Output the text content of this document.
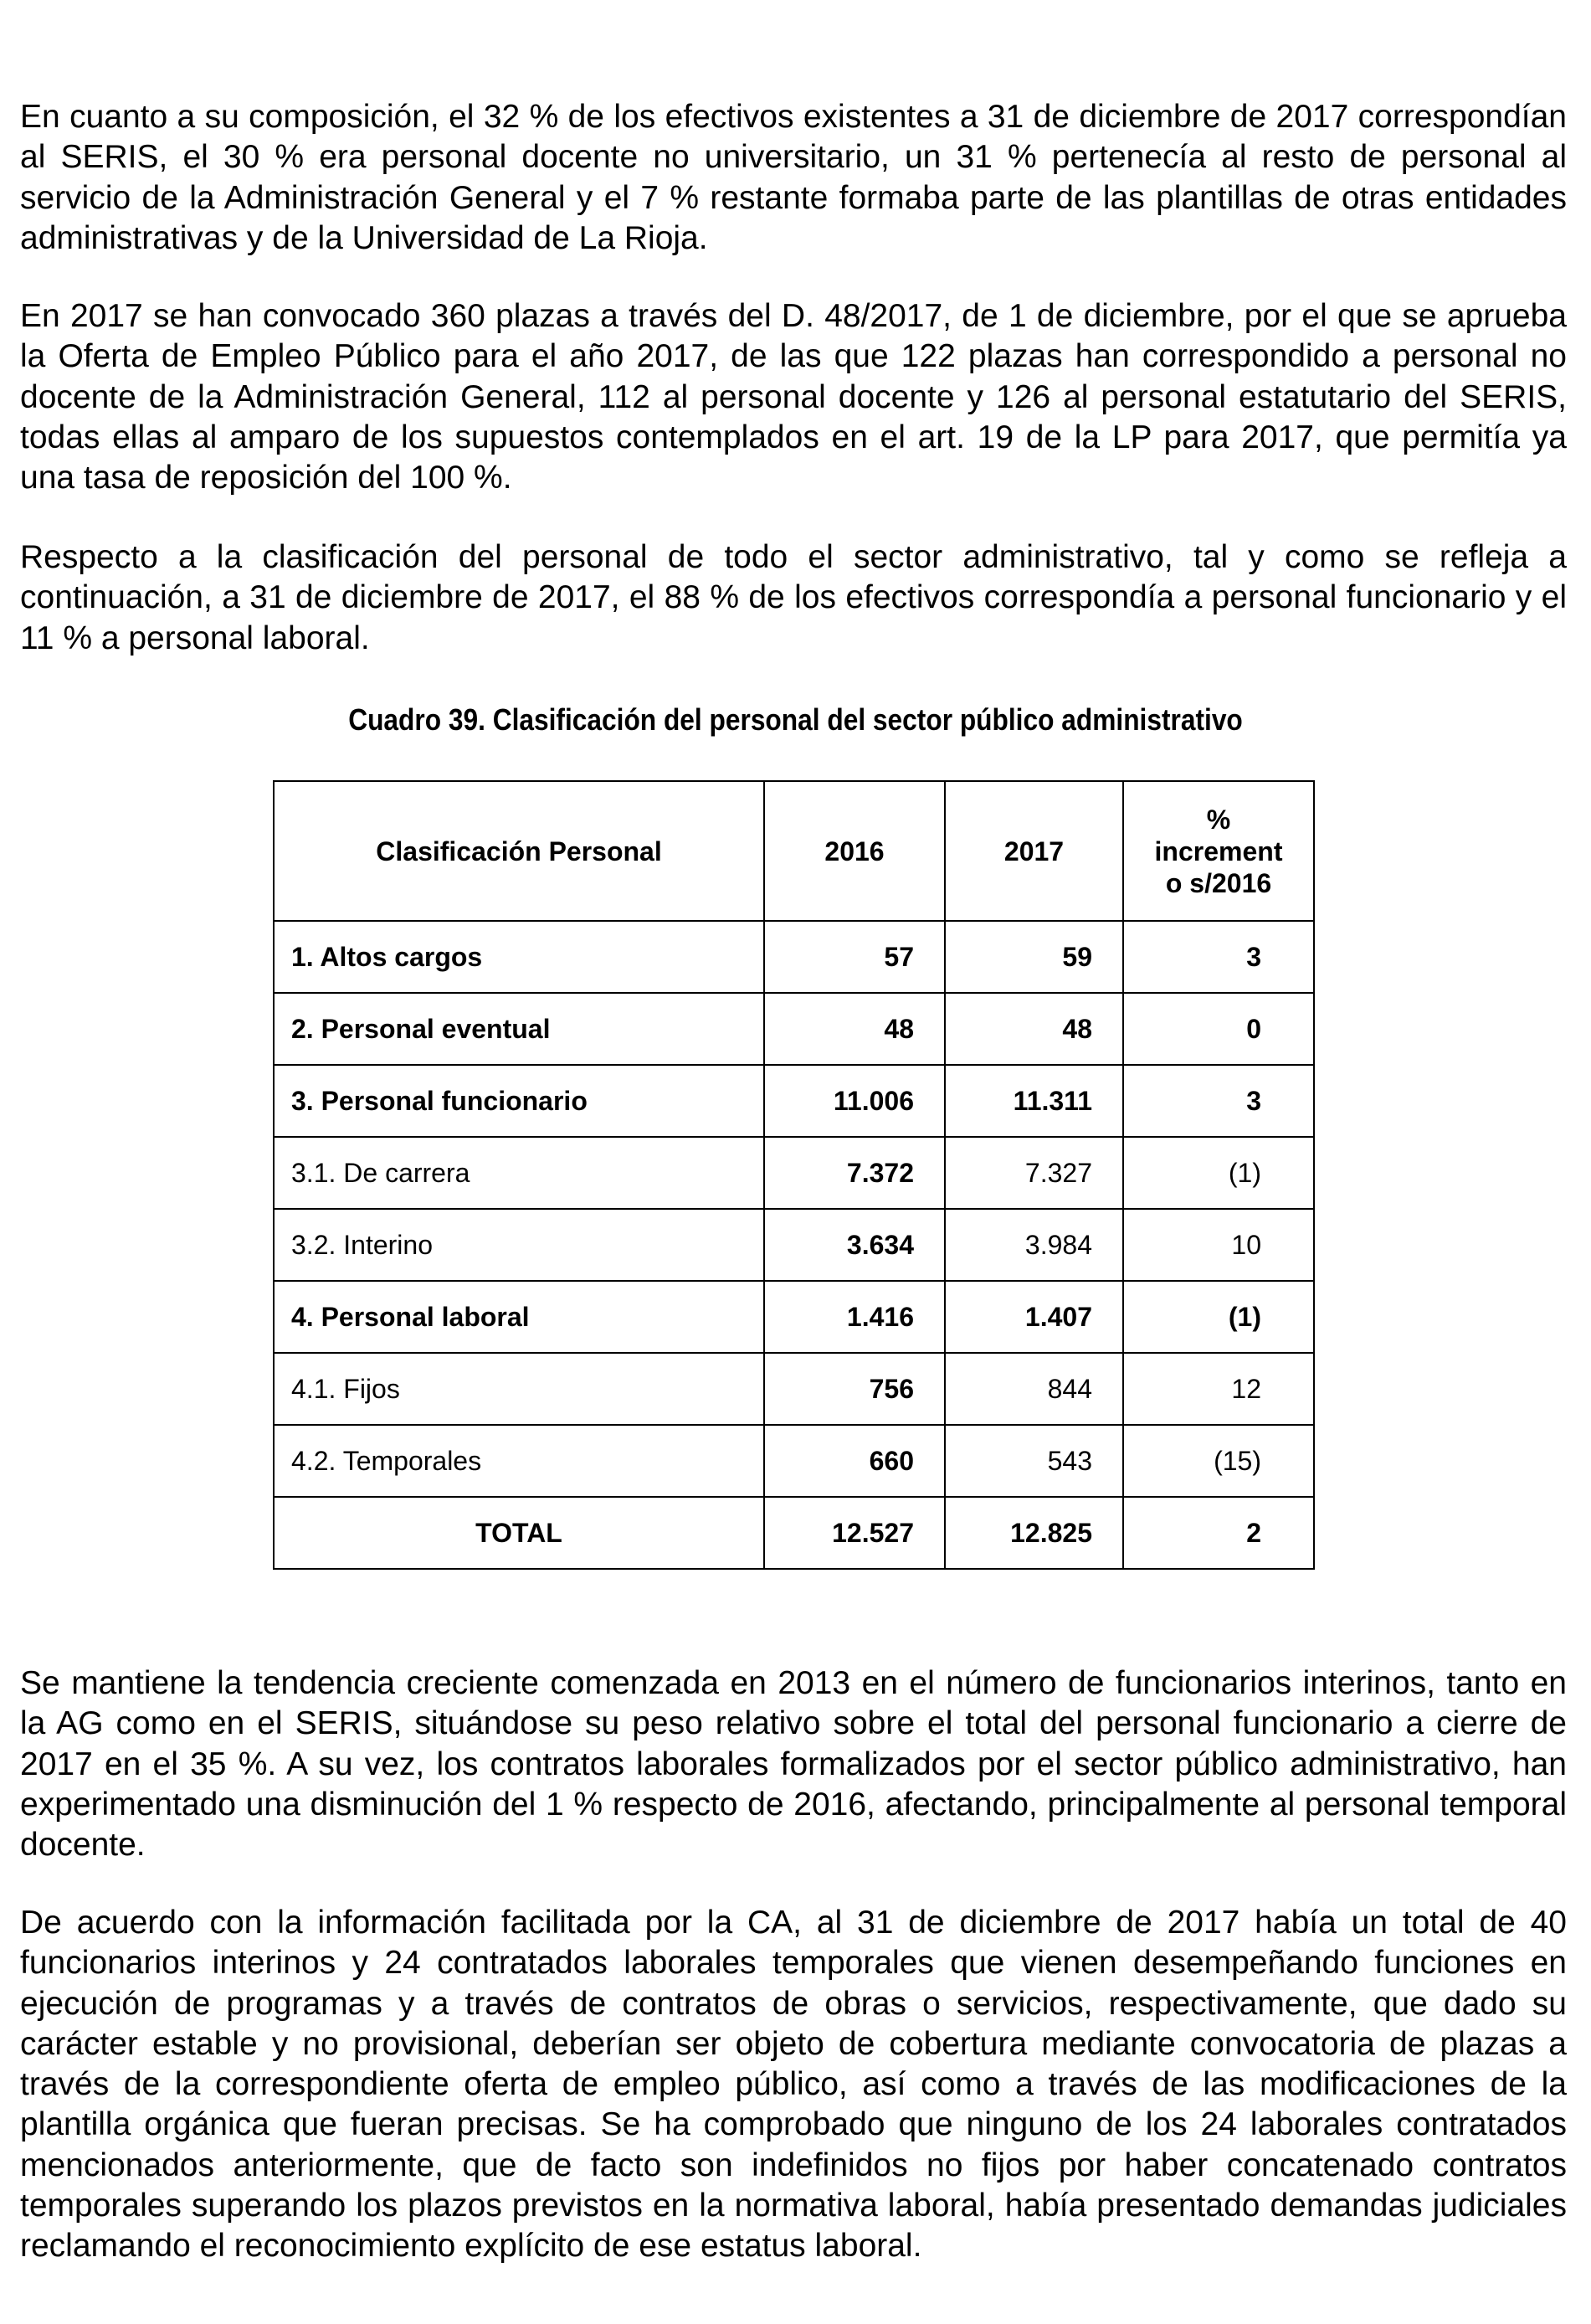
En cuanto a su composición, el 32 % de los efectivos existentes a 31 de diciembre de 2017 correspondían al SERIS, el 30 % era personal docente no universitario, un 31 % pertenecía al resto de personal al servicio de la Administración General y el 7 % restante formaba parte de las plantillas de otras entidades administrativas y de la Universidad de La Rioja.

En 2017 se han convocado 360 plazas a través del D. 48/2017, de 1 de diciembre, por el que se aprueba la Oferta de Empleo Público para el año 2017, de las que 122 plazas han correspondido a personal no docente de la Administración General, 112 al personal docente y 126 al personal estatutario del SERIS, todas ellas al amparo de los supuestos contemplados en el art. 19 de la LP para 2017, que permitía ya una tasa de reposición del 100 %.

Respecto a la clasificación del personal de todo el sector administrativo, tal y como se refleja a continuación, a 31 de diciembre de 2017, el 88 % de los efectivos correspondía a personal funcionario y el 11 % a personal laboral.

Cuadro 39. Clasificación del personal del sector público administrativo
Clasificación Personal	2016	2017	%
increment
o s/2016
1. Altos cargos	57	59	3
2. Personal eventual	48	48	0
3. Personal funcionario	11.006	11.311	3
3.1. De carrera	7.372	7.327	(1)
3.2. Interino	3.634	3.984	10
4. Personal laboral	1.416	1.407	(1)
4.1. Fijos	756	844	12
4.2. Temporales	660	543	(15)
TOTAL	12.527	12.825	2

Se mantiene la tendencia creciente comenzada en 2013 en el número de funcionarios interinos, tanto en la AG como en el SERIS, situándose su peso relativo sobre el total del personal funcionario a cierre de 2017 en el 35 %. A su vez, los contratos laborales formalizados por el sector público administrativo, han experimentado una disminución del 1 % respecto de 2016, afectando, principalmente al personal temporal docente.

De acuerdo con la información facilitada por la CA, al 31 de diciembre de 2017 había un total de 40 funcionarios interinos y 24 contratados laborales temporales que vienen desempeñando funciones en ejecución de programas y a través de contratos de obras o servicios, respectivamente, que dado su carácter estable y no provisional, deberían ser objeto de cobertura mediante convocatoria de plazas a través de la correspondiente oferta de empleo público, así como a través de las modificaciones de la plantilla orgánica que fueran precisas. Se ha comprobado que ninguno de los 24 laborales contratados mencionados anteriormente, que de facto son indefinidos no fijos por haber concatenado contratos temporales superando los plazos previstos en la normativa laboral, había presentado demandas judiciales reclamando el reconocimiento explícito de ese estatus laboral.
